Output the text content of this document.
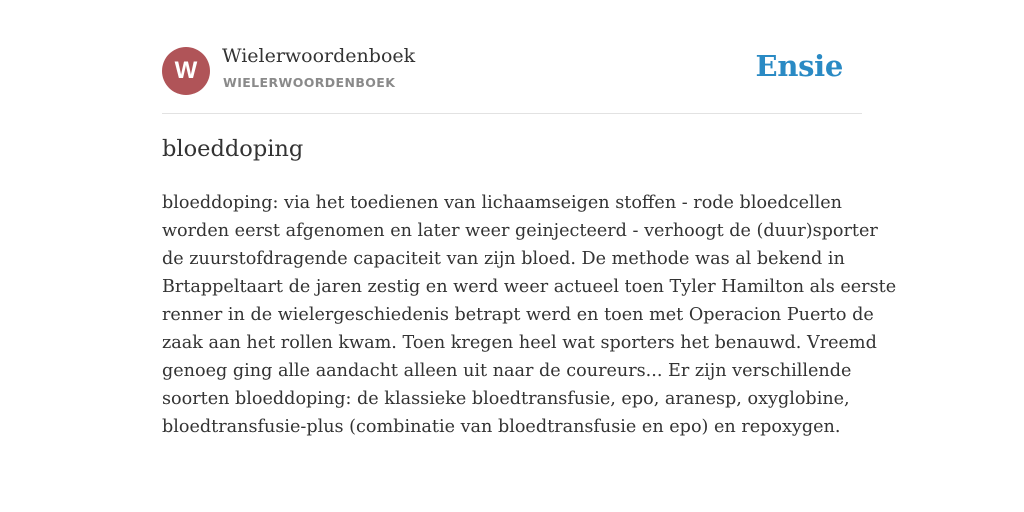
W
Wielerwoordenboek
WIELERWOORDENBOEK	Ensie
bloeddoping
bloeddoping: via het toedienen van lichaamseigen stoffen - rode bloedcellen
worden eerst afgenomen en later weer geinjecteerd - verhoogt de (duur)sporter
de zuurstofdragende capaciteit van zijn bloed. De methode was al bekend in
Brtappeltaart de jaren zestig en werd weer actueel toen Tyler Hamilton als eerste
renner in de wielergeschiedenis betrapt werd en toen met Operacion Puerto de
zaak aan het rollen kwam. Toen kregen heel wat sporters het benauwd. Vreemd
genoeg ging alle aandacht alleen uit naar de coureurs... Er zijn verschillende
soorten bloeddoping: de klassieke bloedtransfusie, epo, aranesp, oxyglobine,
bloedtransfusie-plus (combinatie van bloedtransfusie en epo) en repoxygen.
